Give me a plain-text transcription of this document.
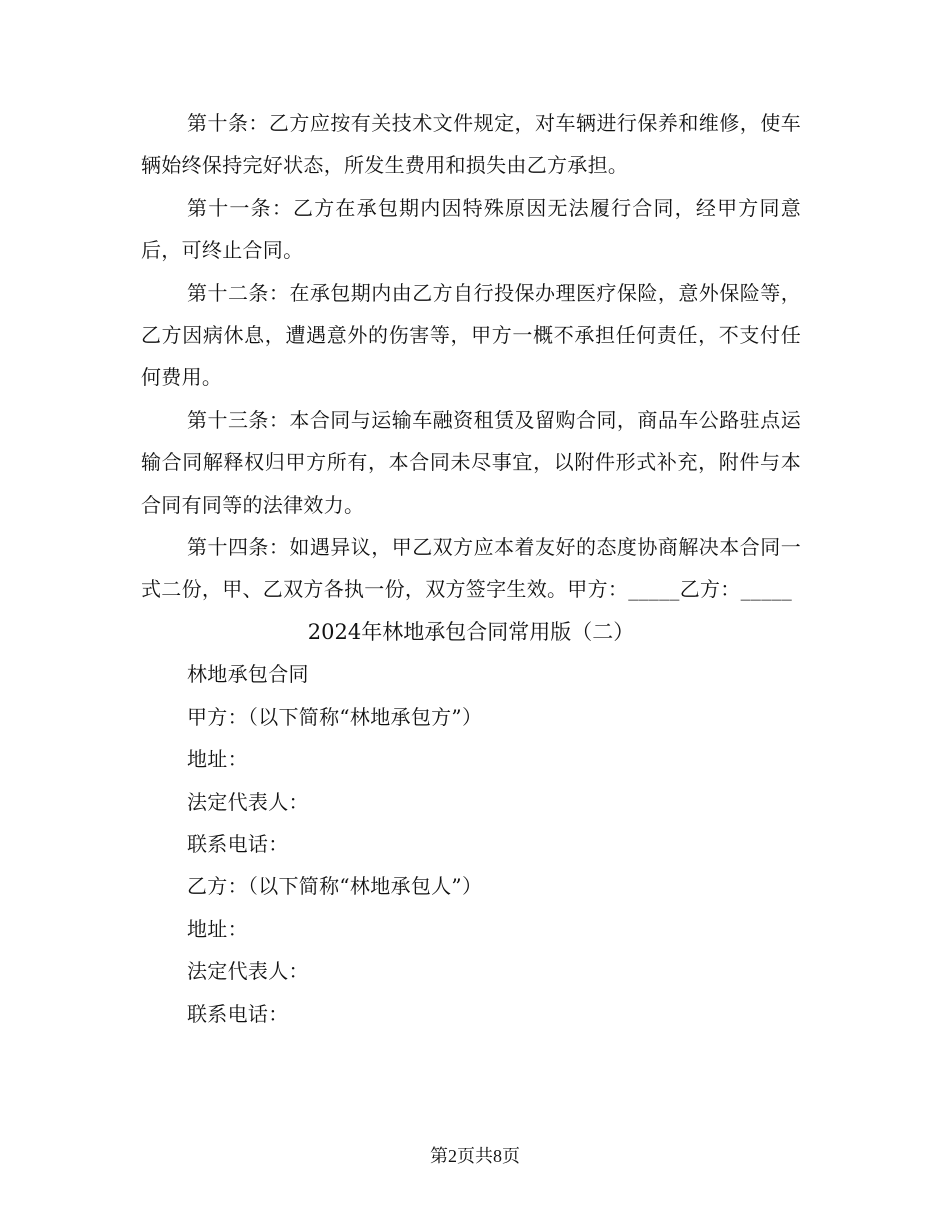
第十条：乙方应按有关技术文件规定，对车辆进行保养和维修，使车辆始终保持完好状态，所发生费用和损失由乙方承担。

第十一条：乙方在承包期内因特殊原因无法履行合同，经甲方同意后，可终止合同。

第十二条：在承包期内由乙方自行投保办理医疗保险，意外保险等，乙方因病休息，遭遇意外的伤害等，甲方一概不承担任何责任，不支付任何费用。

第十三条：本合同与运输车融资租赁及留购合同，商品车公路驻点运输合同解释权归甲方所有，本合同未尽事宜，以附件形式补充，附件与本合同有同等的法律效力。

第十四条：如遇异议，甲乙双方应本着友好的态度协商解决本合同一式二份，甲、乙双方各执一份，双方签字生效。甲方：_____乙方：_____

2024年林地承包合同常用版（二）

林地承包合同

甲方：（以下简称“林地承包方”）

地址：

法定代表人：

联系电话：

乙方：（以下简称“林地承包人”）

地址：

法定代表人：

联系电话：

第2页共8页
